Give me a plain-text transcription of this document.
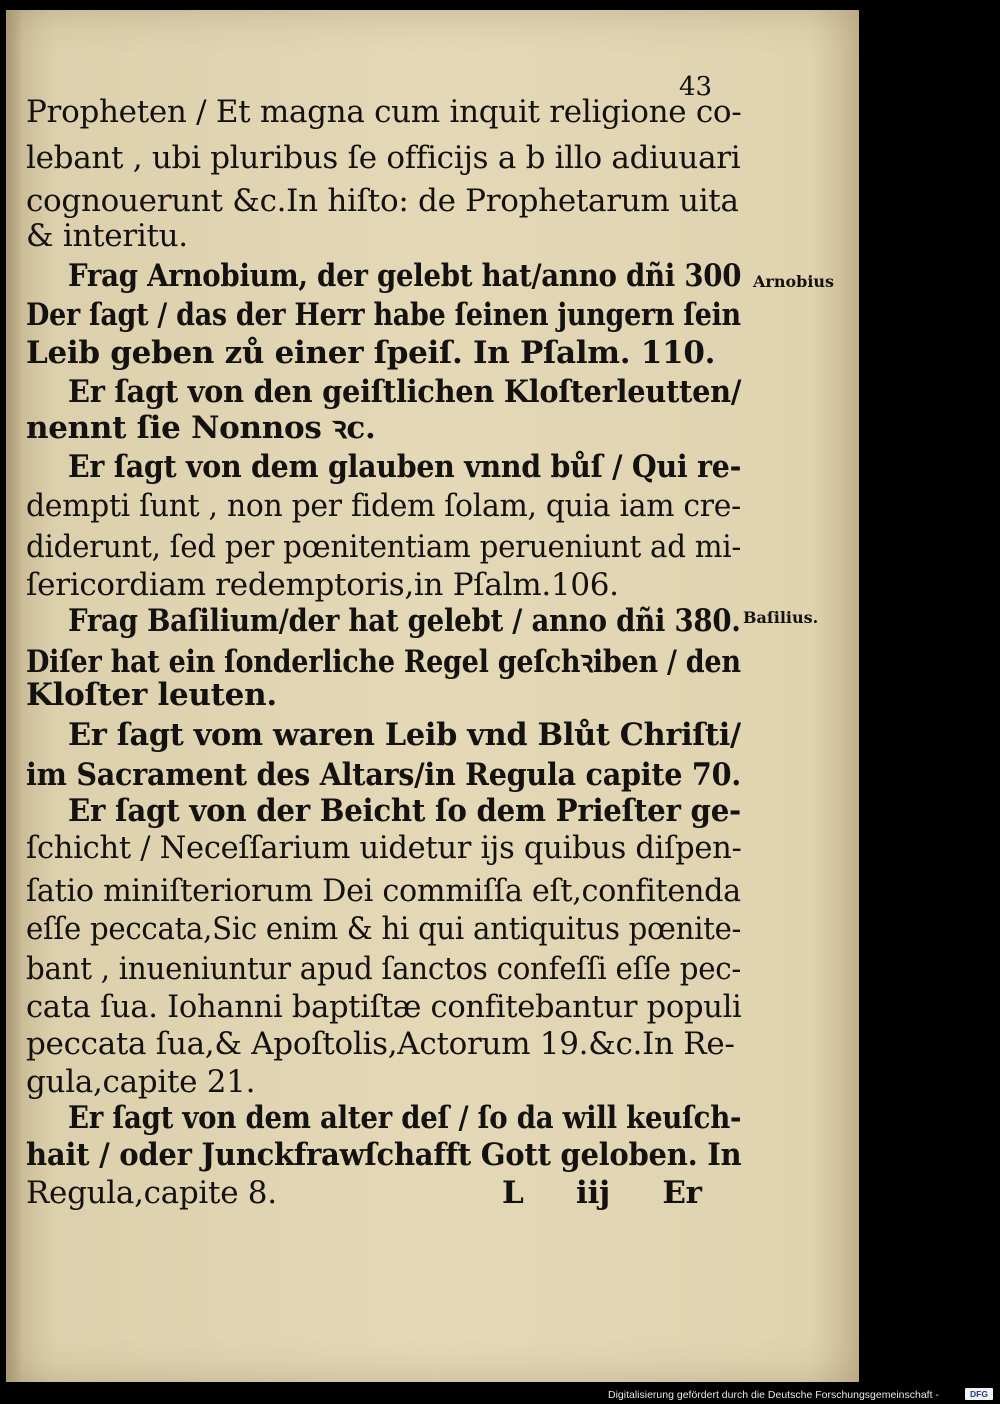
43
Propheten / Et magna cum inquit religione co-
lebant , ubi pluribus ſe officijs a b illo adiuuari
cognouerunt &c.In hiſto: de Prophetarum uita
& interitu.
Frag Arnobium, der gelebt hat/anno dñi 300
Der ſagt / das der Herr habe ſeinen jungern ſein
Leib geben zů einer ſpeiſ. In Pſalm. 110.
Er ſagt von den geiſtlichen Kloſterleutten/
nennt ſie Nonnos ꝛc.
Er ſagt von dem glauben vnnd bůſ / Qui re-
dempti ſunt , non per fidem ſolam, quia iam cre-
diderunt, ſed per pœnitentiam perueniunt ad mi-
ſericordiam redemptoris,in Pſalm.106.
Frag Baſilium/der hat gelebt / anno dñi 380.
Diſer hat ein ſonderliche Regel geſchꝛiben / den
Kloſter leuten.
Er ſagt vom waren Leib vnd Blůt Chriſti/
im Sacrament des Altars/in Regula capite 70.
Er ſagt von der Beicht ſo dem Prieſter ge-
ſchicht / Neceſſarium uidetur ijs quibus diſpen-
ſatio miniſteriorum Dei commiſſa eſt,confitenda
eſſe peccata,Sic enim & hi qui antiquitus pœnite-
bant , inueniuntur apud ſanctos confeſſi eſſe pec-
cata ſua. Iohanni baptiſtæ confitebantur populi
peccata ſua,& Apoſtolis,Actorum 19.&c.In Re-
gula,capite 21.
Er ſagt von dem alter deſ / ſo da will keuſch-
hait / oder Junckfrawſchafft Gott geloben. In
Regula,capite 8.	L iij Er
Arnobius
Baſilius.
Digitalisierung gefördert durch die Deutsche Forschungsgemeinschaft -	DFG
